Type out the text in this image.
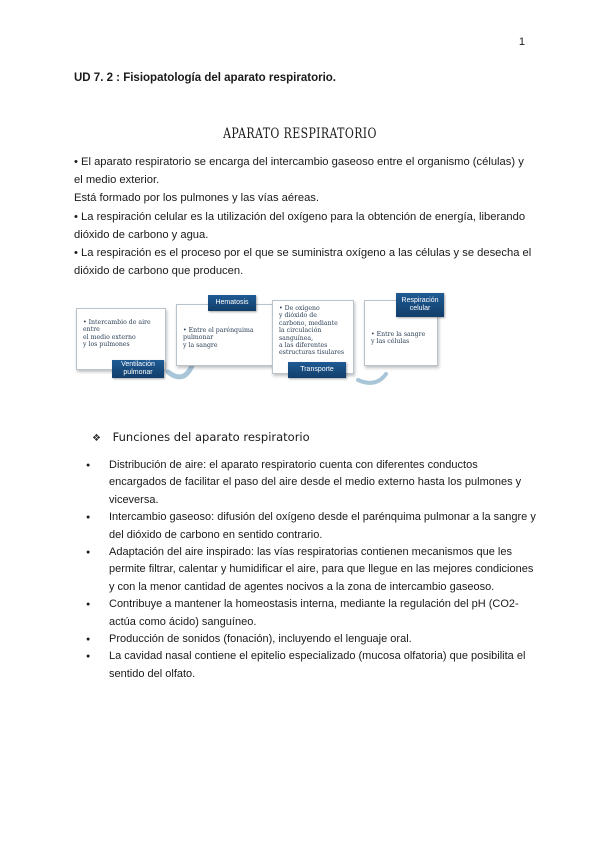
1
UD 7. 2 : Fisiopatología del aparato respiratorio.
APARATO RESPIRATORIO

• El aparato respiratorio se encarga del intercambio gaseoso entre el organismo (células) y el medio exterior.

Está formado por los pulmones y las vías aéreas.

• La respiración celular es la utilización del oxígeno para la obtención de energía, liberando dióxido de carbono y agua.

• La respiración es el proceso por el que se suministra oxígeno a las células y se desecha el dióxido de carbono que producen.

• Intercambio de aire
entre
el medio externo
y los pulmones
Ventilación pulmonar
• Entre el parénquima
pulmonar
y la sangre
Hematosis
• De oxígeno
y dióxido de
carbono, mediante
la circulación
sanguínea,
a las diferentes
estructuras tisulares
Transporte
• Entre la sangre
y las células
Respiración celular
❖ Funciones del aparato respiratorio
● Distribución de aire: el aparato respiratorio cuenta con diferentes conductos encargados de facilitar el paso del aire desde el medio externo hasta los pulmones y viceversa.
● Intercambio gaseoso: difusión del oxígeno desde el parénquima pulmonar a la sangre y del dióxido de carbono en sentido contrario.
● Adaptación del aire inspirado: las vías respiratorias contienen mecanismos que les permite filtrar, calentar y humidificar el aire, para que llegue en las mejores condiciones y con la menor cantidad de agentes nocivos a la zona de intercambio gaseoso.
● Contribuye a mantener la homeostasis interna, mediante la regulación del pH (CO2- actúa como ácido) sanguíneo.
● Producción de sonidos (fonación), incluyendo el lenguaje oral.
● La cavidad nasal contiene el epitelio especializado (mucosa olfatoria) que posibilita el sentido del olfato.
